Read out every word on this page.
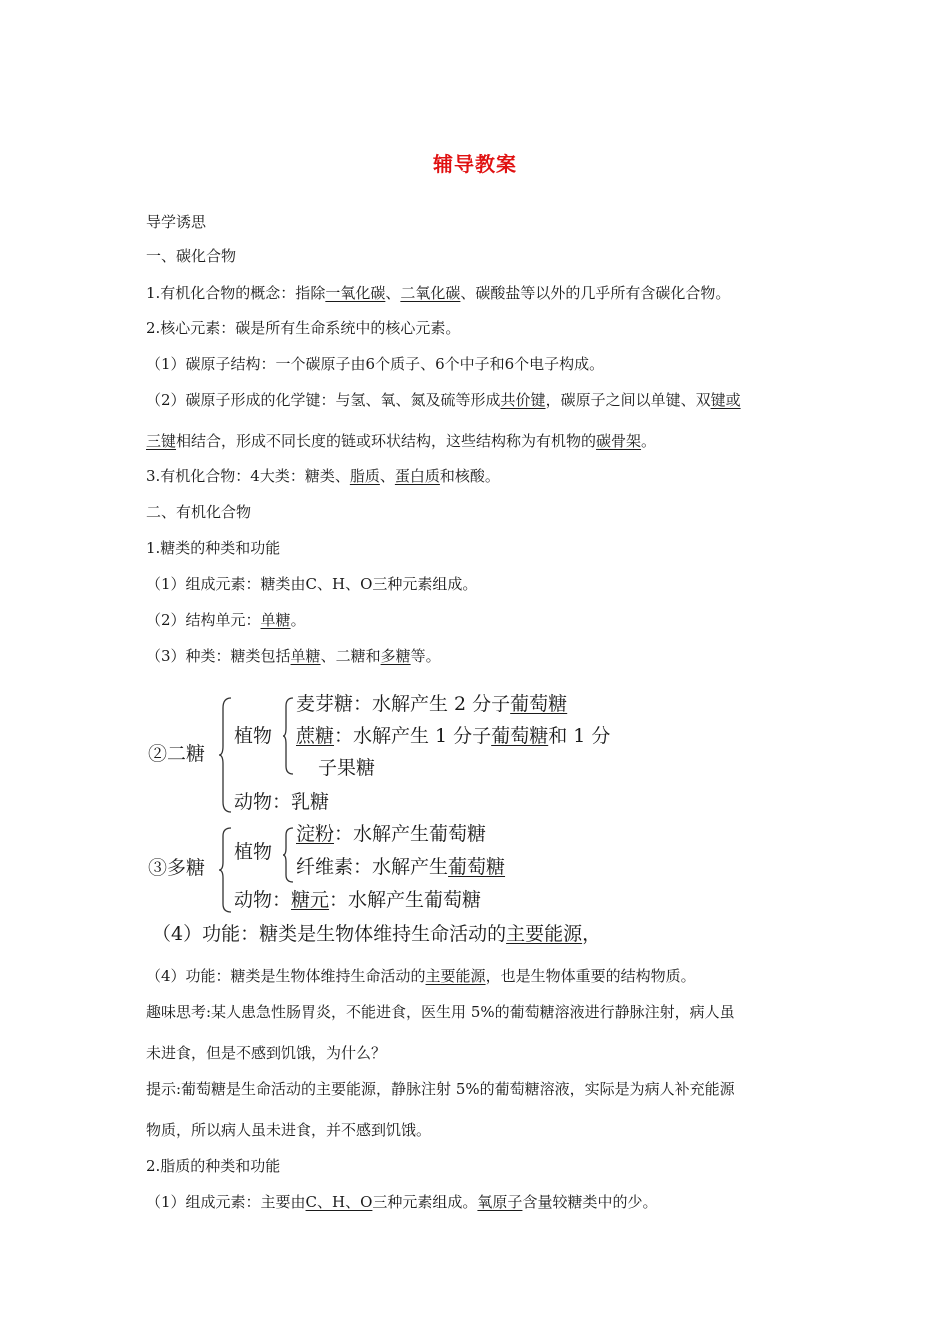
辅导教案
导学诱思
一、碳化合物
1.有机化合物的概念：指除一氧化碳、二氧化碳、碳酸盐等以外的几乎所有含碳化合物。
2.核心元素：碳是所有生命系统中的核心元素。
（1）碳原子结构：一个碳原子由6个质子、6个中子和6个电子构成。
（2）碳原子形成的化学键：与氢、氧、氮及硫等形成共价键，碳原子之间以单键、双键或
三键相结合，形成不同长度的链或环状结构，这些结构称为有机物的碳骨架。
3.有机化合物：4大类：糖类、脂质、蛋白质和核酸。
二、有机化合物
1.糖类的种类和功能
（1）组成元素：糖类由C、H、O三种元素组成。
（2）结构单元：单糖。
（3）种类：糖类包括单糖、二糖和多糖等。
②二糖
植物
麦芽糖：水解产生 2 分子葡萄糖
蔗糖：水解产生 1 分子葡萄糖和 1 分
子果糖
动物：乳糖
③多糖
植物
淀粉：水解产生葡萄糖
纤维素：水解产生葡萄糖
动物：糖元：水解产生葡萄糖
（4）功能：糖类是生物体维持生命活动的主要能源，
（4）功能：糖类是生物体维持生命活动的主要能源，也是生物体重要的结构物质。
趣味思考:某人患急性肠胃炎，不能进食，医生用 5%的葡萄糖溶液进行静脉注射，病人虽
未进食，但是不感到饥饿，为什么？
提示:葡萄糖是生命活动的主要能源，静脉注射 5%的葡萄糖溶液，实际是为病人补充能源
物质，所以病人虽未进食，并不感到饥饿。
2.脂质的种类和功能
（1）组成元素：主要由C、H、O三种元素组成。氧原子含量较糖类中的少。
